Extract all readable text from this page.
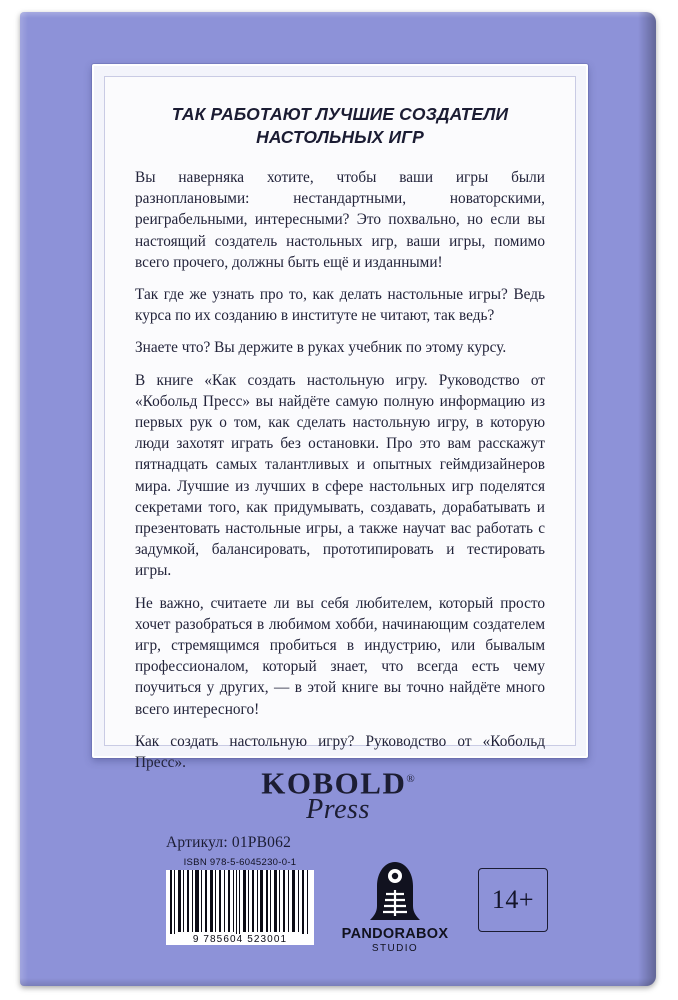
ТАК РАБОТАЮТ ЛУЧШИЕ СОЗДАТЕЛИ
НАСТОЛЬНЫХ ИГР

Вы наверняка хотите, чтобы ваши игры были разноплановыми: нестандартными, новаторскими, реиграбельными, интересными? Это похвально, но если вы настоящий создатель настольных игр, ваши игры, помимо всего прочего, должны быть ещё и изданными!

Так где же узнать про то, как делать настольные игры? Ведь курса по их созданию в институте не читают, так ведь?

Знаете что? Вы держите в руках учебник по этому курсу.

В книге «Как создать настольную игру. Руководство от «Кобольд Пресс» вы найдёте самую полную информацию из первых рук о том, как сделать настольную игру, в которую люди захотят играть без остановки. Про это вам расскажут пятнадцать самых талантливых и опытных геймдизайнеров мира. Лучшие из лучших в сфере настольных игр поделятся секретами того, как придумывать, создавать, дорабатывать и презентовать настольные игры, а также научат вас работать с задумкой, балансировать, прототипировать и тестировать игры.

Не важно, считаете ли вы себя любителем, который просто хочет разобраться в любимом хобби, начинающим создателем игр, стремящимся пробиться в индустрию, или бывалым профессионалом, который знает, что всегда есть чему поучиться у других, — в этой книге вы точно найдёте много всего интересного!

Как создать настольную игру? Руководство от «Кобольд Пресс».

KOBOLD®
Press
Артикул: 01PB062
ISBN 978-5-6045230-0-1
9 785604 523001	PANDORABOX
STUDIO
14+
